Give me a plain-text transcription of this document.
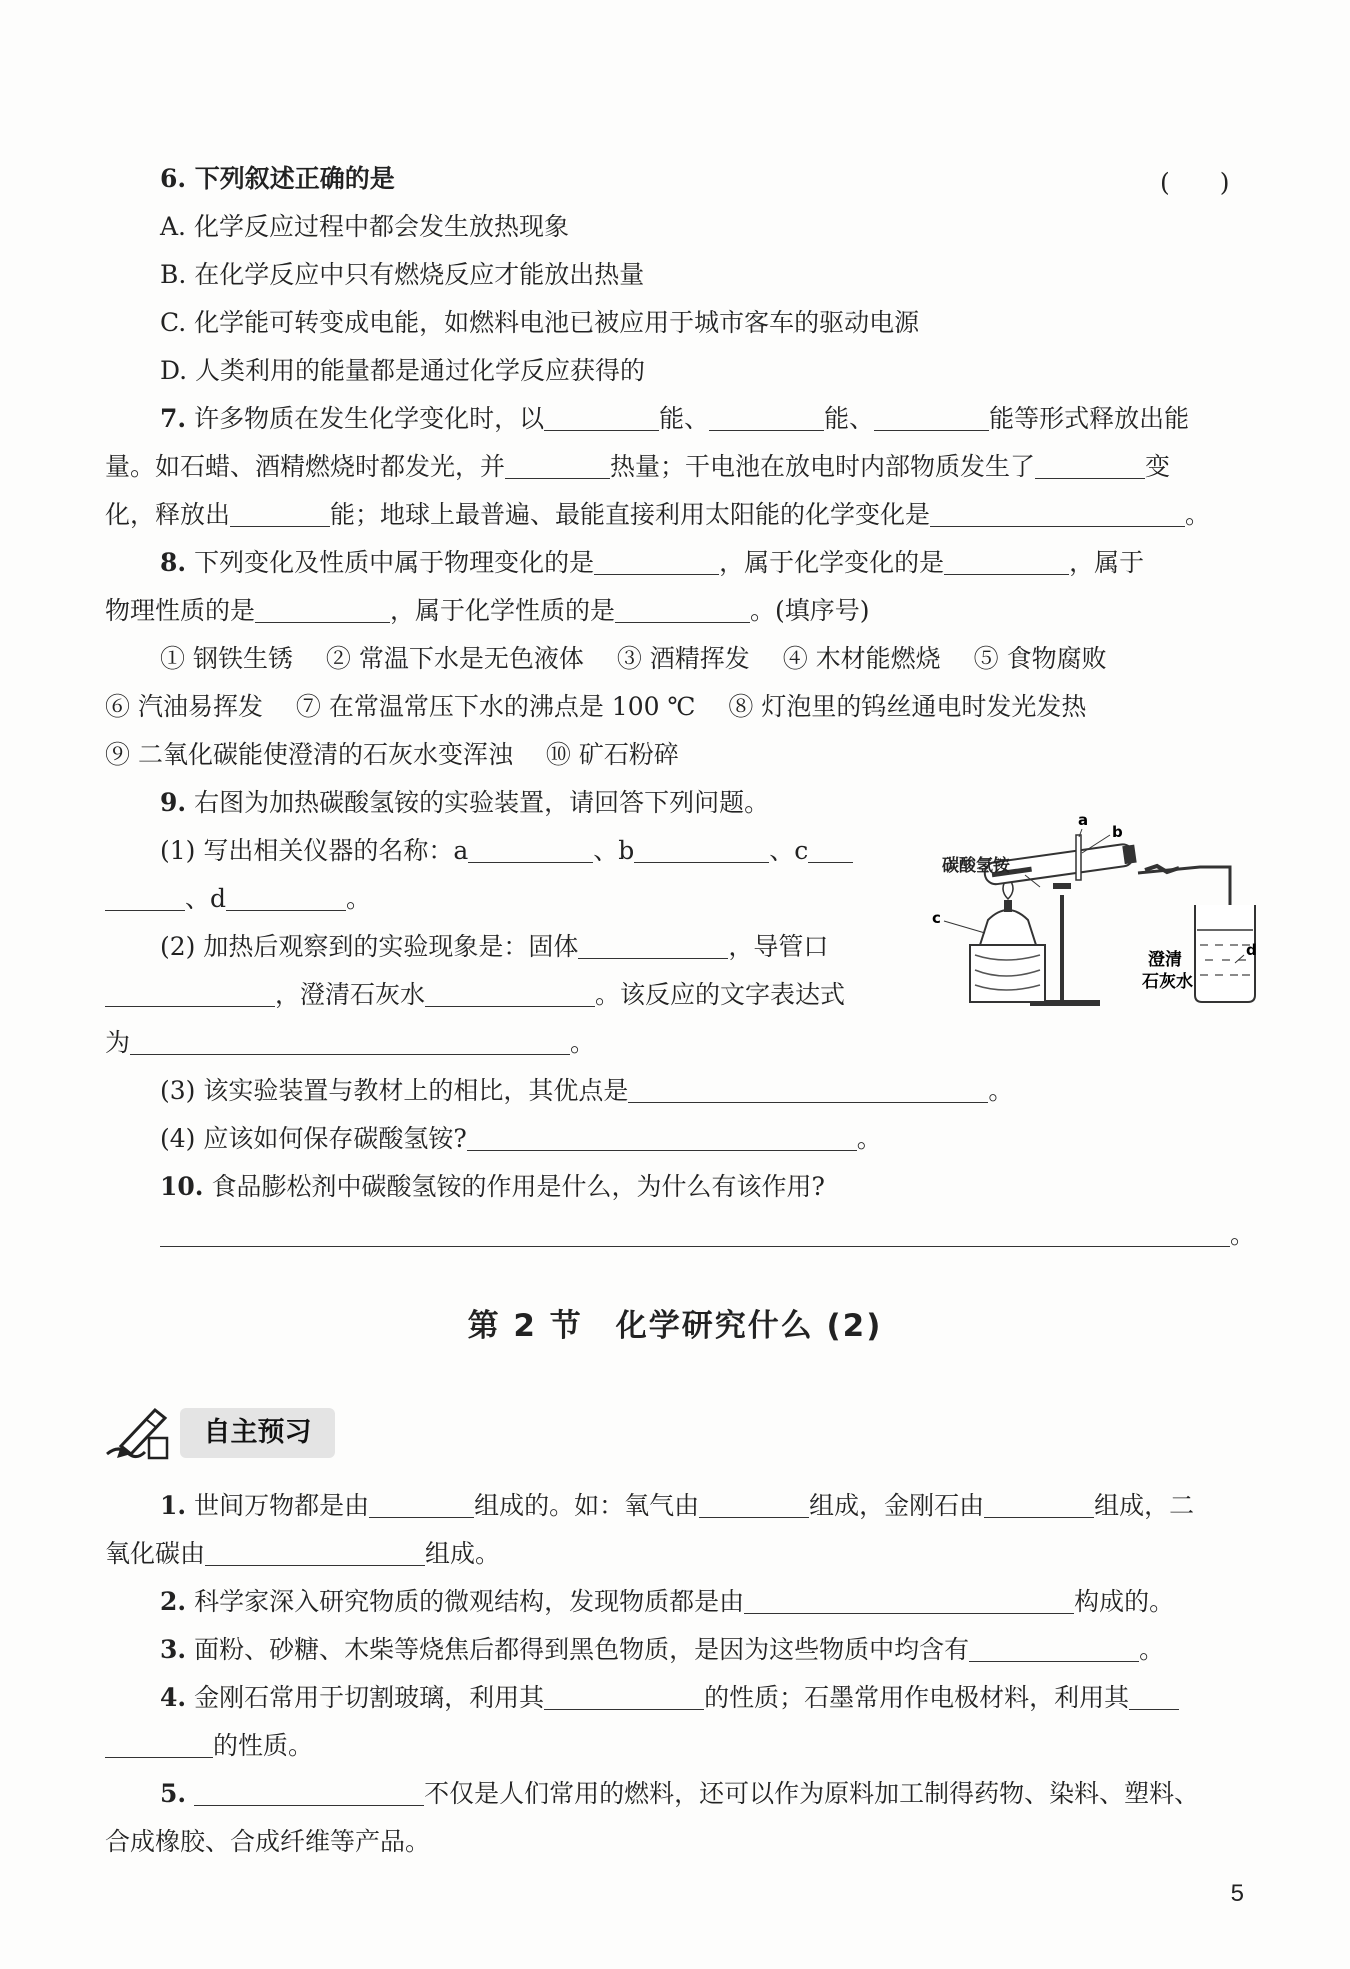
6. 下列叙述正确的是	(　　)
A. 化学反应过程中都会发生放热现象
B. 在化学反应中只有燃烧反应才能放出热量
C. 化学能可转变成电能，如燃料电池已被应用于城市客车的驱动电源
D. 人类利用的能量都是通过化学反应获得的
7. 许多物质在发生化学变化时，以	能、	能、	能等形式释放出能
量。如石蜡、酒精燃烧时都发光，并	热量；干电池在放电时内部物质发生了	变
化，释放出	能；地球上最普遍、最能直接利用太阳能的化学变化是	。
8. 下列变化及性质中属于物理变化的是	，属于化学变化的是	，属于
物理性质的是	，属于化学性质的是	。(填序号)
① 钢铁生锈　 ② 常温下水是无色液体　 ③ 酒精挥发　 ④ 木材能燃烧　 ⑤ 食物腐败
⑥ 汽油易挥发　 ⑦ 在常温常压下水的沸点是 100 ℃　 ⑧ 灯泡里的钨丝通电时发光发热
⑨ 二氧化碳能使澄清的石灰水变浑浊　 ⑩ 矿石粉碎
9. 右图为加热碳酸氢铵的实验装置，请回答下列问题。
(1) 写出相关仪器的名称：a	、b	、c
、d	。
(2) 加热后观察到的实验现象是：固体	，导管口
，澄清石灰水	。该反应的文字表达式
为	。
(3) 该实验装置与教材上的相比，其优点是	。
(4) 应该如何保存碳酸氢铵?	。
碳酸氢铵
a
b
c
澄清
石灰水
d
10. 食品膨松剂中碳酸氢铵的作用是什么，为什么有该作用?
。
第 2 节　化学研究什么 (2)
自主预习
1. 世间万物都是由	组成的。如：氧气由	组成，金刚石由	组成，二
氧化碳由	组成。
2. 科学家深入研究物质的微观结构，发现物质都是由	构成的。
3. 面粉、砂糖、木柴等烧焦后都得到黑色物质，是因为这些物质中均含有	。
4. 金刚石常用于切割玻璃，利用其	的性质；石墨常用作电极材料，利用其
的性质。
5.	不仅是人们常用的燃料，还可以作为原料加工制得药物、染料、塑料、
合成橡胶、合成纤维等产品。
5
